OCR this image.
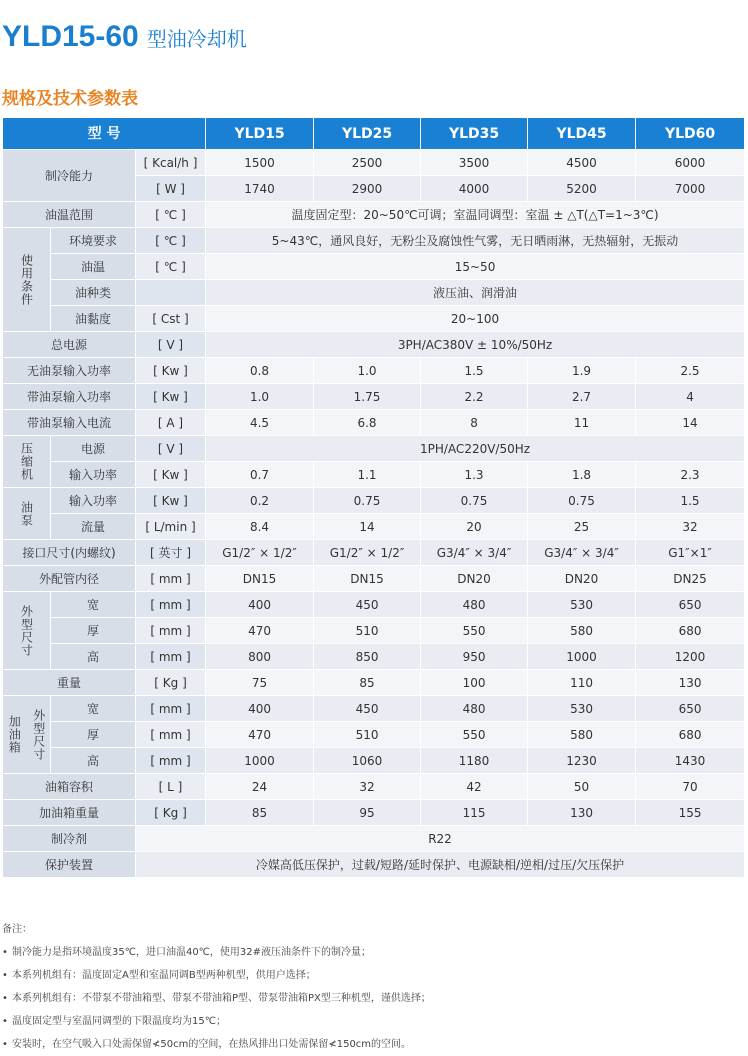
YLD15-60 型油冷却机
规格及技术参数表
型 号			YLD15	YLD25	YLD35	YLD45	YLD60
制冷能力		[ Kcal/h ]	1500	2500	3500	4500	6000
		[ W ]	1740	2900	4000	5200	7000
油温范围		[ ℃ ]	温度固定型：20~50℃可调；室温同调型：室温 ± △T(△T=1~3℃)				

使用条件	环境要求	[ ℃ ]	5~43℃，通风良好，无粉尘及腐蚀性气雾，无日晒雨淋，无热辐射，无振动				
	油温	[ ℃ ]	15~50				
	油种类		液压油、润滑油				
	油黏度	[ Cst ]	20~100				
总电源		[ V ]	3PH/AC380V ± 10%/50Hz				
无油泵输入功率		[ Kw ]	0.8	1.0	1.5	1.9	2.5
带油泵输入功率		[ Kw ]	1.0	1.75	2.2	2.7	4
带油泵输入电流		[ A ]	4.5	6.8	8	11	14

压缩机	电源	[ V ]	1PH/AC220V/50Hz				
	输入功率	[ Kw ]	0.7	1.1	1.3	1.8	2.3

油泵	输入功率	[ Kw ]	0.2	0.75	0.75	0.75	1.5
	流量	[ L/min ]	8.4	14	20	25	32
接口尺寸(内螺纹)		[ 英寸 ]	G1/2″ × 1/2″	G1/2″ × 1/2″	G3/4″ × 3/4″	G3/4″ × 3/4″	G1″×1″
外配管内径		[ mm ]	DN15	DN15	DN20	DN20	DN25

外型尺寸	宽	[ mm ]	400	450	480	530	650
	厚	[ mm ]	470	510	550	580	680
	高	[ mm ]	800	850	950	1000	1200
重量		[ Kg ]	75	85	100	110	130

加油箱 外型尺寸	宽	[ mm ]	400	450	480	530	650
	厚	[ mm ]	470	510	550	580	680
	高	[ mm ]	1000	1060	1180	1230	1430
油箱容积		[ L ]	24	32	42	50	70
加油箱重量		[ Kg ]	85	95	115	130	155
制冷剂		R22					
保护装置		冷媒高低压保护，过载/短路/延时保护、电源缺相/逆相/过压/欠压保护					
备注：
• 制冷能力是指环境温度35℃，进口油温40℃，使用32#液压油条件下的制冷量；
• 本系列机组有：温度固定A型和室温同调B型两种机型，供用户选择；
• 本系列机组有：不带泵不带油箱型、带泵不带油箱P型、带泵带油箱PX型三种机型，谨供选择；
• 温度固定型与室温同调型的下限温度均为15℃；
• 安装时，在空气吸入口处需保留≮50cm的空间，在热风排出口处需保留≮150cm的空间。
